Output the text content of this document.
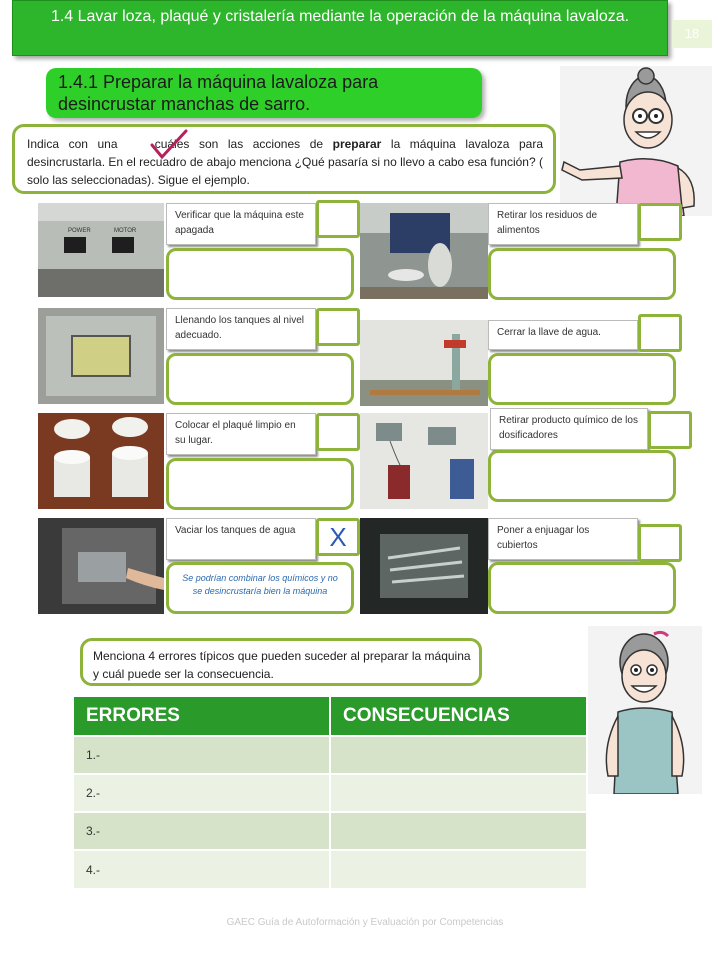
1.4 Lavar loza, plaqué y cristalería mediante la operación de la máquina lavaloza.
18
1.4.1 Preparar la máquina lavaloza para desincrustar manchas de sarro.
Indica con una	cuáles son las acciones de preparar la máquina lavaloza para desincrustarla. En el recuadro de abajo menciona ¿Qué pasaría si no llevo a cabo esa función? ( solo las seleccionadas). Sigue el ejemplo.
POWER	MOTOR
Verificar que la máquina este apagada
Retirar los residuos de alimentos
Llenando los tanques al nivel adecuado.	Cerrar la llave de agua.
Colocar el plaqué limpio en su lugar.
Retirar producto químico de los dosificadores
Vaciar los tanques de agua	X
Se podrían combinar los químicos y no se desincrustaría bien la máquina
Poner a enjuagar los cubiertos
Menciona 4 errores típicos que pueden suceder al preparar la máquina y cuál puede ser la consecuencia.
ERRORES	CONSECUENCIAS
1.-	
2.-	
3.-	
4.-	
GAEC Guía de Autoformación y Evaluación por Competencias
